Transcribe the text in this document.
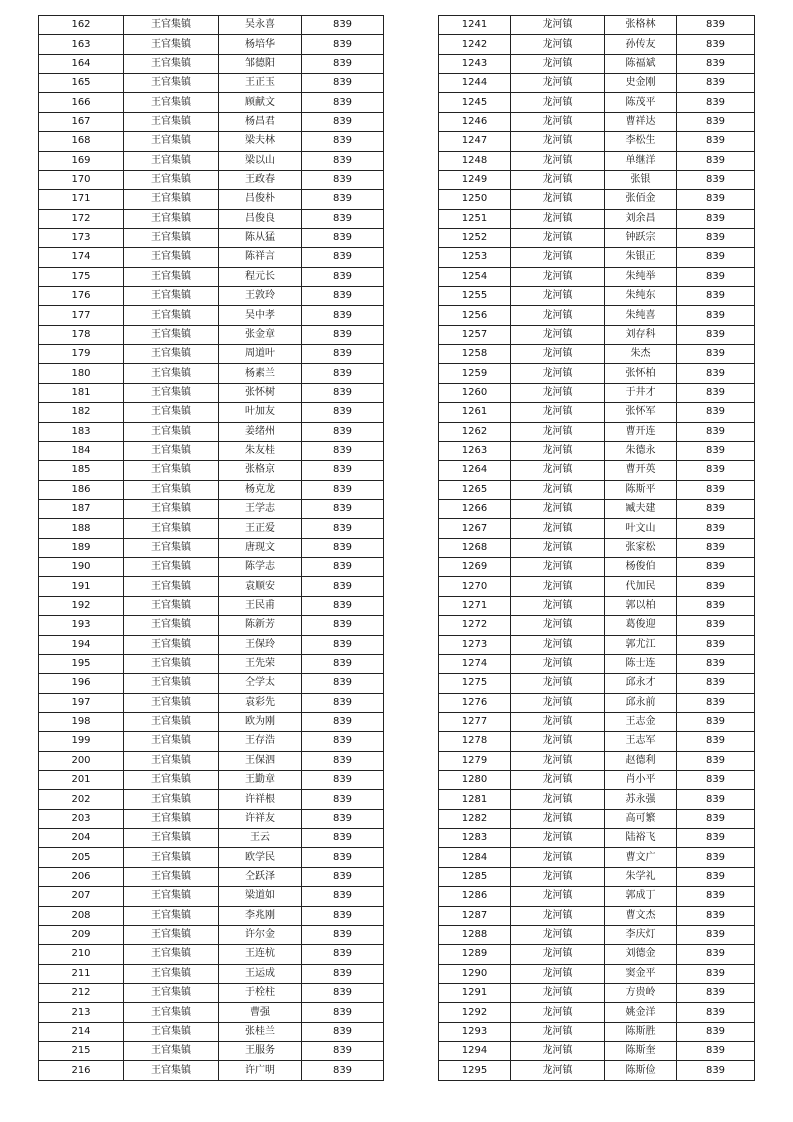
162	王官集镇	吴永喜	839
163	王官集镇	杨培华	839
164	王官集镇	邹德阳	839
165	王官集镇	王正玉	839
166	王官集镇	顾献文	839
167	王官集镇	杨昌君	839
168	王官集镇	梁夫林	839
169	王官集镇	梁以山	839
170	王官集镇	王政春	839
171	王官集镇	吕俊朴	839
172	王官集镇	吕俊良	839
173	王官集镇	陈从猛	839
174	王官集镇	陈祥言	839
175	王官集镇	程元长	839
176	王官集镇	王敦玲	839
177	王官集镇	吴中孝	839
178	王官集镇	张金章	839
179	王官集镇	周道叶	839
180	王官集镇	杨素兰	839
181	王官集镇	张怀树	839
182	王官集镇	叶加友	839
183	王官集镇	姜绪州	839
184	王官集镇	朱友桂	839
185	王官集镇	张格京	839
186	王官集镇	杨克龙	839
187	王官集镇	王学志	839
188	王官集镇	王正爱	839
189	王官集镇	唐现文	839
190	王官集镇	陈学志	839
191	王官集镇	袁顺安	839
192	王官集镇	王民甫	839
193	王官集镇	陈新芳	839
194	王官集镇	王保玲	839
195	王官集镇	王先荣	839
196	王官集镇	仝学太	839
197	王官集镇	袁彩先	839
198	王官集镇	欧为刚	839
199	王官集镇	王存浩	839
200	王官集镇	王保泗	839
201	王官集镇	王勤章	839
202	王官集镇	许祥根	839
203	王官集镇	许祥友	839
204	王官集镇	王云	839
205	王官集镇	欧学民	839
206	王官集镇	仝跃泽	839
207	王官集镇	梁道如	839
208	王官集镇	李兆刚	839
209	王官集镇	许尔金	839
210	王官集镇	王连杭	839
211	王官集镇	王运成	839
212	王官集镇	于栓柱	839
213	王官集镇	曹强	839
214	王官集镇	张桂兰	839
215	王官集镇	王服务	839
216	王官集镇	许广明	839
1241	龙河镇	张格林	839
1242	龙河镇	孙传友	839
1243	龙河镇	陈福斌	839
1244	龙河镇	史金刚	839
1245	龙河镇	陈茂平	839
1246	龙河镇	曹祥达	839
1247	龙河镇	李松生	839
1248	龙河镇	单继洋	839
1249	龙河镇	张银	839
1250	龙河镇	张佰金	839
1251	龙河镇	刘余昌	839
1252	龙河镇	钟跃宗	839
1253	龙河镇	朱银正	839
1254	龙河镇	朱纯举	839
1255	龙河镇	朱纯东	839
1256	龙河镇	朱纯喜	839
1257	龙河镇	刘存科	839
1258	龙河镇	朱杰	839
1259	龙河镇	张怀柏	839
1260	龙河镇	于井才	839
1261	龙河镇	张怀军	839
1262	龙河镇	曹开连	839
1263	龙河镇	朱德永	839
1264	龙河镇	曹开英	839
1265	龙河镇	陈斯平	839
1266	龙河镇	臧夫建	839
1267	龙河镇	叶文山	839
1268	龙河镇	张家松	839
1269	龙河镇	杨俊伯	839
1270	龙河镇	代加民	839
1271	龙河镇	郭以柏	839
1272	龙河镇	葛俊迎	839
1273	龙河镇	郭尤江	839
1274	龙河镇	陈士连	839
1275	龙河镇	邱永才	839
1276	龙河镇	邱永前	839
1277	龙河镇	王志金	839
1278	龙河镇	王志军	839
1279	龙河镇	赵德利	839
1280	龙河镇	肖小平	839
1281	龙河镇	苏永强	839
1282	龙河镇	高可繁	839
1283	龙河镇	陆裕飞	839
1284	龙河镇	曹文广	839
1285	龙河镇	朱学礼	839
1286	龙河镇	郭成丁	839
1287	龙河镇	曹文杰	839
1288	龙河镇	李庆灯	839
1289	龙河镇	刘德金	839
1290	龙河镇	窦金平	839
1291	龙河镇	方贵岭	839
1292	龙河镇	姚金洋	839
1293	龙河镇	陈斯胜	839
1294	龙河镇	陈斯奎	839
1295	龙河镇	陈斯俭	839
